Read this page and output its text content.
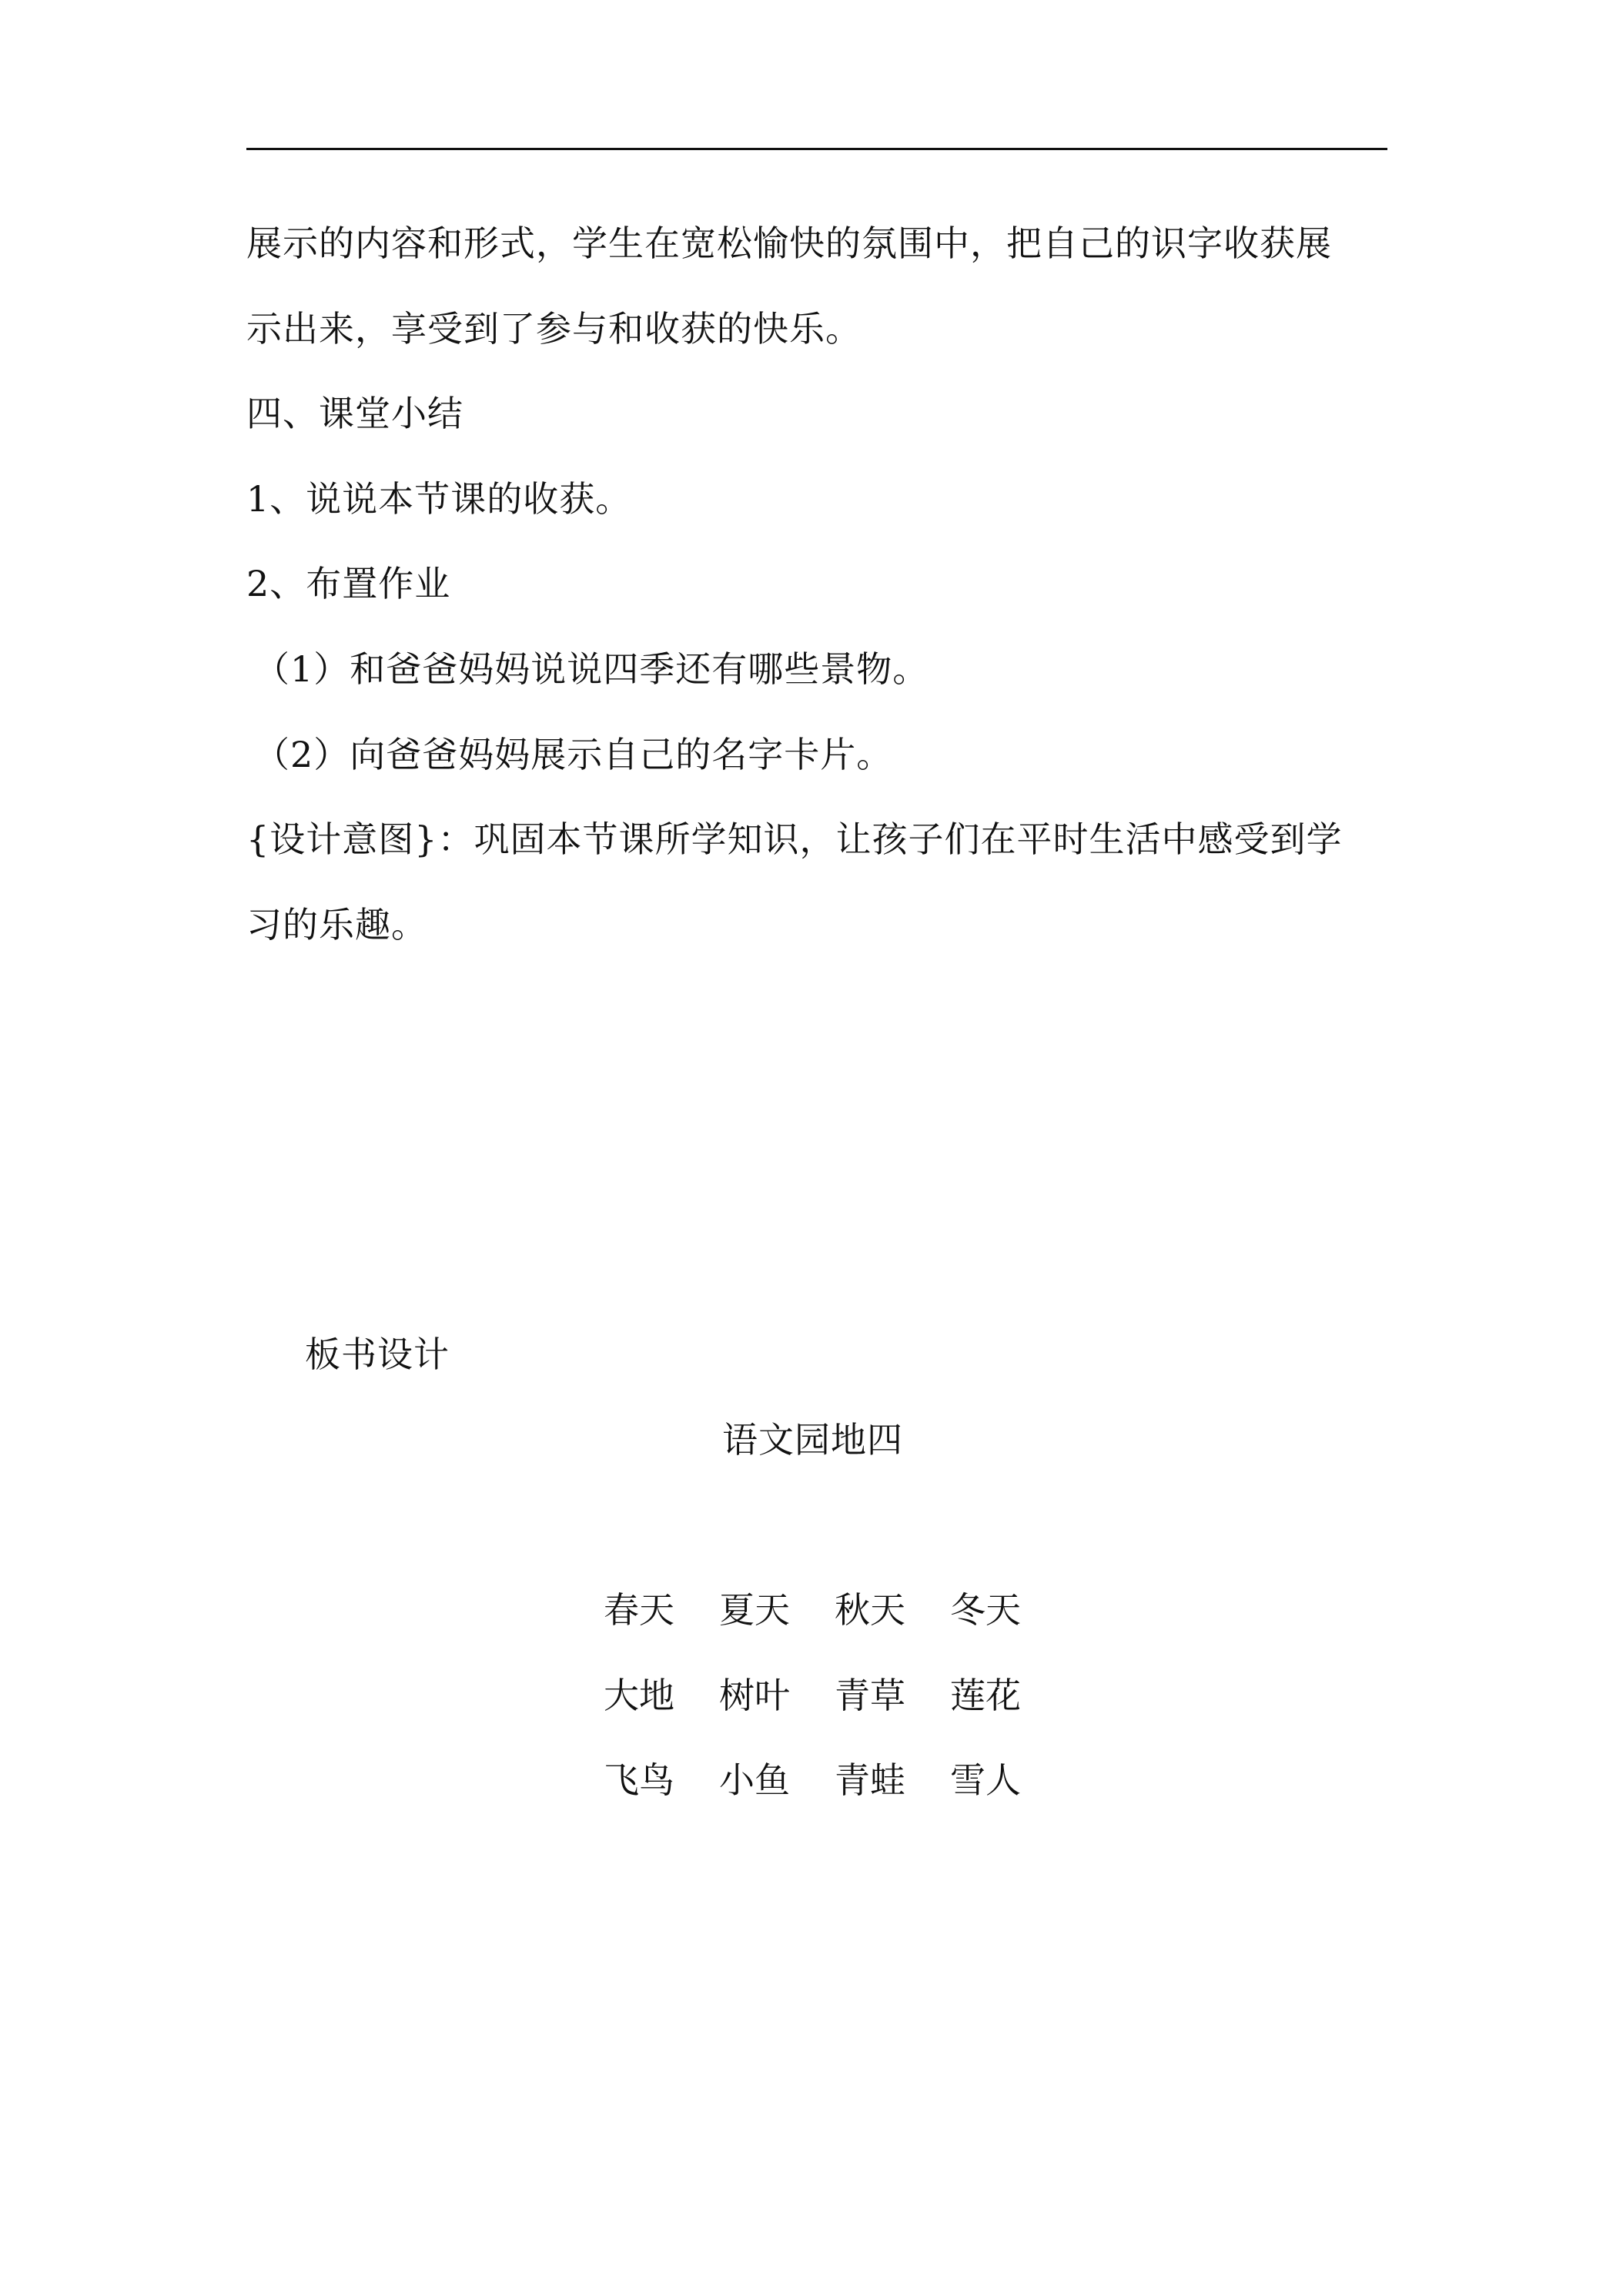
展示的内容和形式，学生在宽松愉快的氛围中，把自己的识字收获展
示出来，享受到了参与和收获的快乐。
四、课堂小结
1、说说本节课的收获。
2、布置作业
（1）和爸爸妈妈说说四季还有哪些景物。
（2）向爸爸妈妈展示自己的名字卡片。
{设计意图}：巩固本节课所学知识，让孩子们在平时生活中感受到学
习的乐趣。
板书设计
语文园地四
春天 夏天 秋天 冬天
大地 树叶 青草 莲花
飞鸟 小鱼 青蛙 雪人
